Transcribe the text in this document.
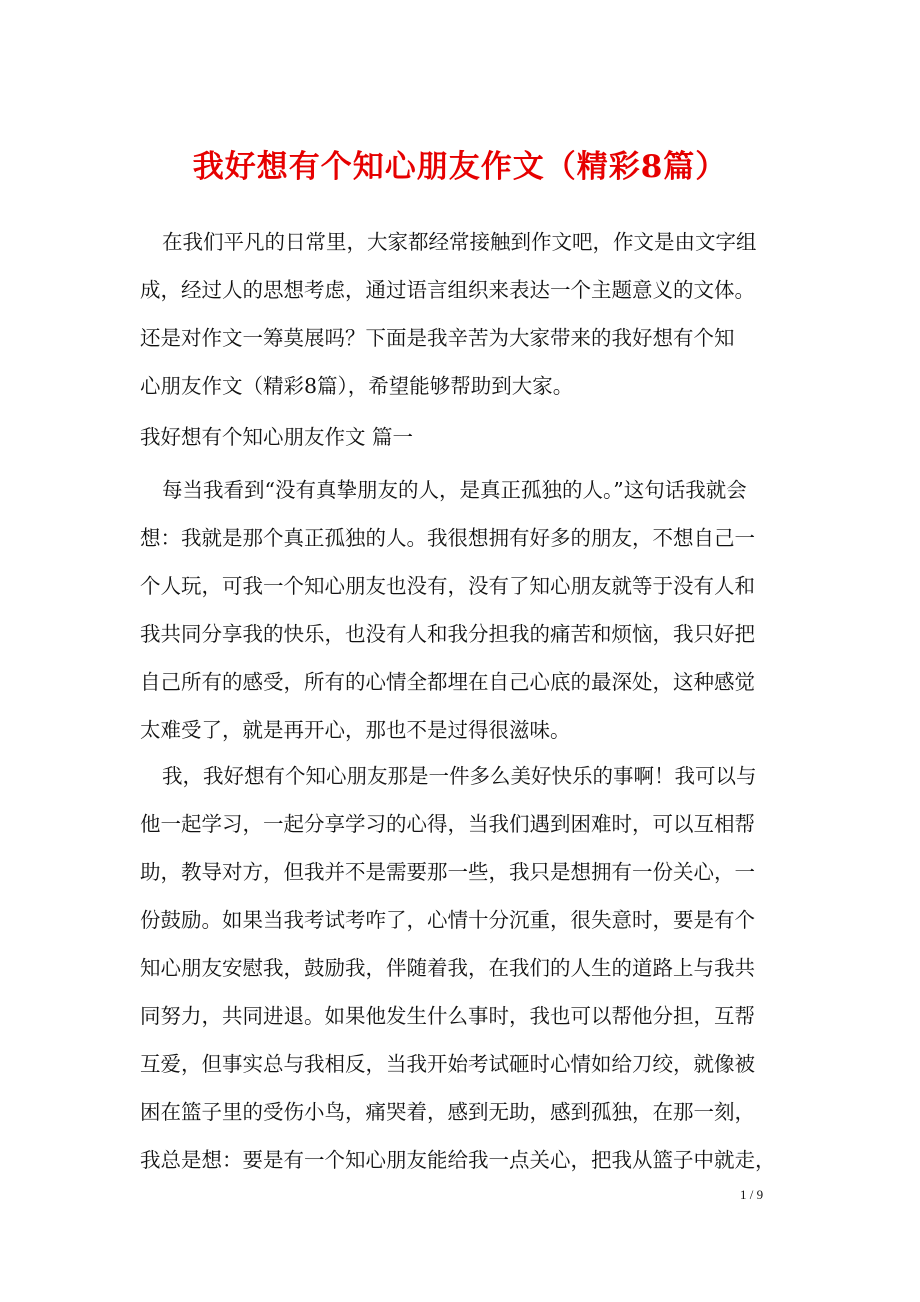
我好想有个知心朋友作文（精彩8篇）
在我们平凡的日常里，大家都经常接触到作文吧，作文是由文字组
成，经过人的思想考虑，通过语言组织来表达一个主题意义的文体。
还是对作文一筹莫展吗？下面是我辛苦为大家带来的我好想有个知
心朋友作文（精彩8篇），希望能够帮助到大家。
我好想有个知心朋友作文 篇一
每当我看到“没有真挚朋友的人，是真正孤独的人。”这句话我就会
想：我就是那个真正孤独的人。我很想拥有好多的朋友，不想自己一
个人玩，可我一个知心朋友也没有，没有了知心朋友就等于没有人和
我共同分享我的快乐，也没有人和我分担我的痛苦和烦恼，我只好把
自己所有的感受，所有的心情全都埋在自己心底的最深处，这种感觉
太难受了，就是再开心，那也不是过得很滋味。
我，我好想有个知心朋友那是一件多么美好快乐的事啊！我可以与
他一起学习，一起分享学习的心得，当我们遇到困难时，可以互相帮
助，教导对方，但我并不是需要那一些，我只是想拥有一份关心，一
份鼓励。如果当我考试考咋了，心情十分沉重，很失意时，要是有个
知心朋友安慰我，鼓励我，伴随着我，在我们的人生的道路上与我共
同努力，共同进退。如果他发生什么事时，我也可以帮他分担，互帮
互爱，但事实总与我相反，当我开始考试砸时心情如给刀绞，就像被
困在篮子里的受伤小鸟，痛哭着，感到无助，感到孤独，在那一刻，
我总是想：要是有一个知心朋友能给我一点关心，把我从篮子中就走，
1 / 9
